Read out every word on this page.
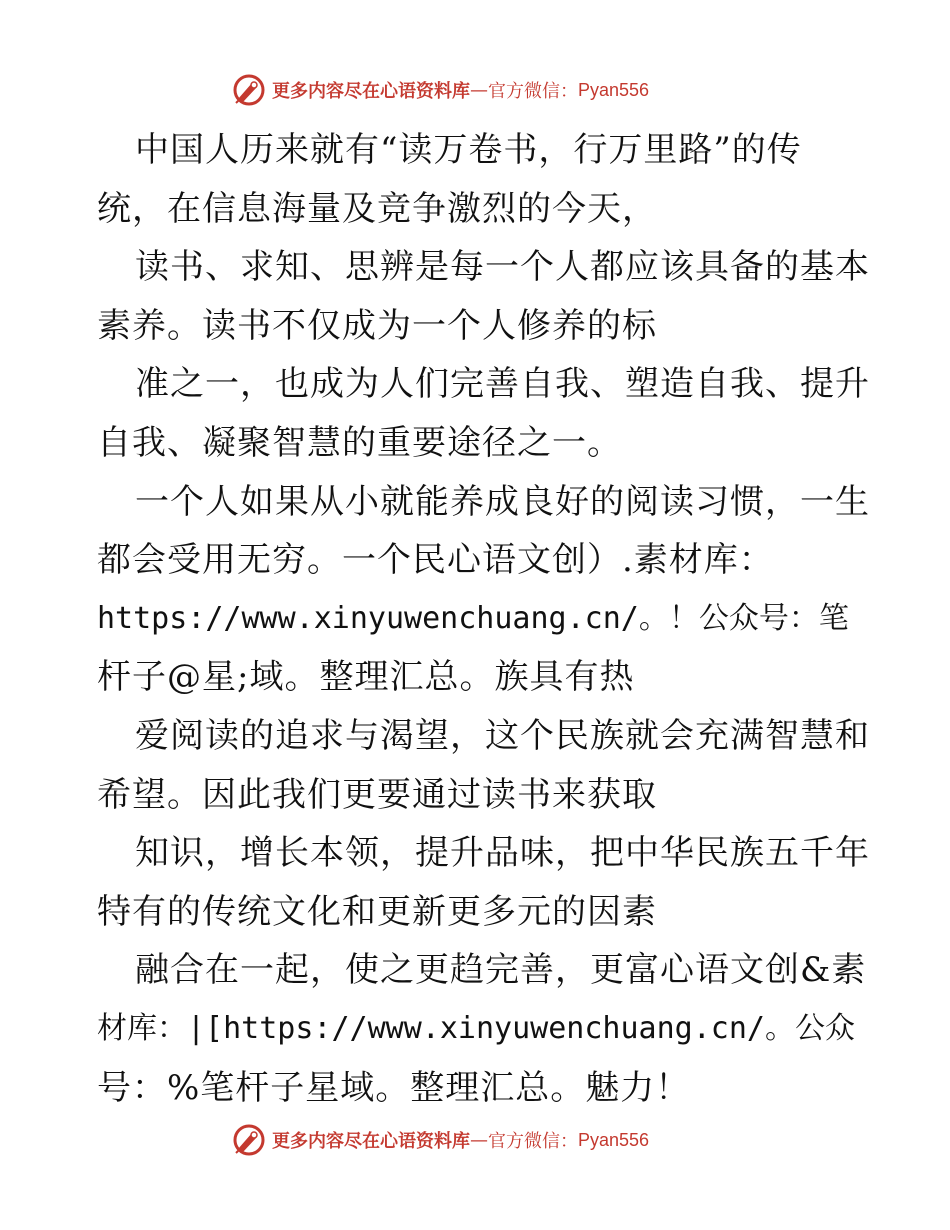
更多内容尽在心语资料库 — 官方微信： Pyan556
中国人历来就有“读万卷书，行万里路”的传
统，在信息海量及竞争激烈的今天，
读书、求知、思辨是每一个人都应该具备的基本
素养。读书不仅成为一个人修养的标
准之一，也成为人们完善自我、塑造自我、提升
自我、凝聚智慧的重要途径之一。
一个人如果从小就能养成良好的阅读习惯，一生
都会受用无穷。一个民心语文创）.素材库：
https://www.xinyuwenchuang.cn/。！公众号：笔
杆子@星;域。整理汇总。族具有热
爱阅读的追求与渴望，这个民族就会充满智慧和
希望。因此我们更要通过读书来获取
知识，增长本领，提升品味，把中华民族五千年
特有的传统文化和更新更多元的因素
融合在一起，使之更趋完善，更富心语文创&素
材库：|[https://www.xinyuwenchuang.cn/。公众
号：%笔杆子星域。整理汇总。魅力！
更多内容尽在心语资料库 — 官方微信： Pyan556
